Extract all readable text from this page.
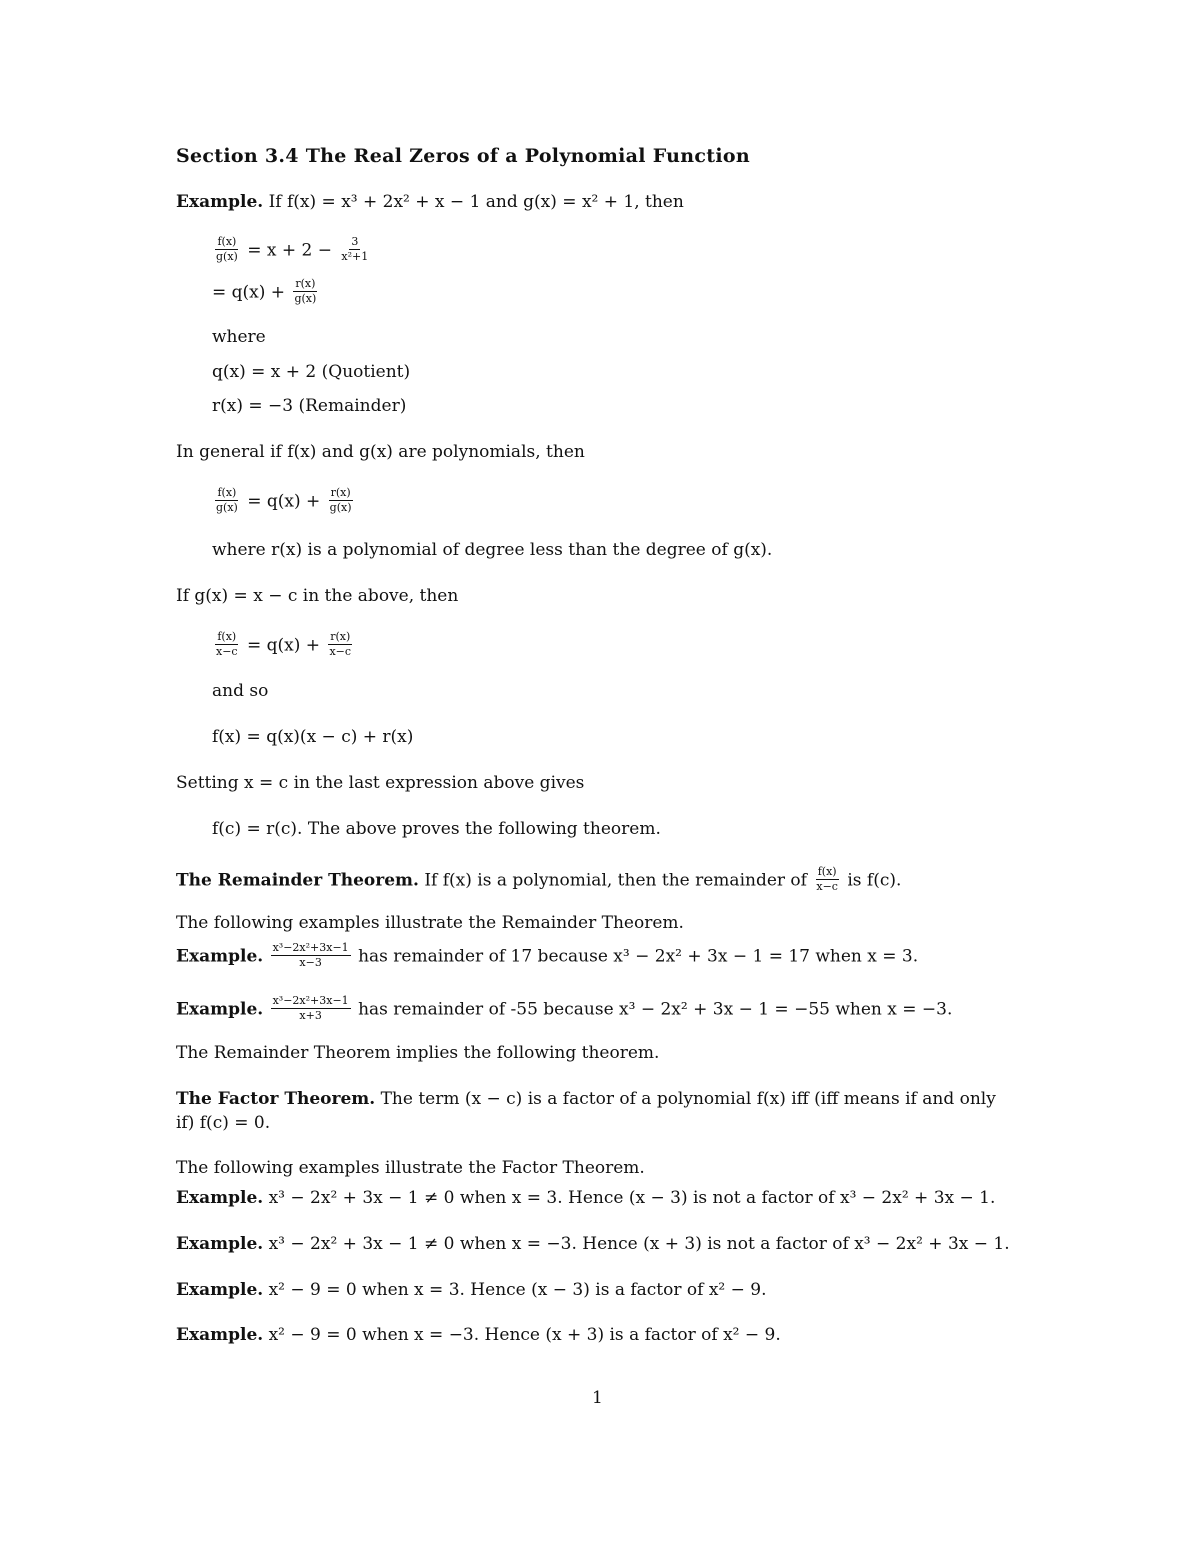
Section 3.4 The Real Zeros of a Polynomial Function
Example. If f(x) = x³ + 2x² + x − 1 and g(x) = x² + 1, then
$\frac{f(x)}{g(x)} = x + 2 - \frac{3}{\text{x²+1}}$
= $q(x) + \frac{r(x)}{g(x)}$
where
q(x) = x + 2 (Quotient)
r(x) = −3 (Remainder)
In general if f(x) and g(x) are polynomials, then
$\frac{f(x)}{g(x)} = q(x) + \frac{r(x)}{g(x)}$
where r(x) is a polynomial of degree less than the degree of g(x).
If g(x) = x − c in the above, then
$\frac{f(x)}{x-c} = q(x) + \frac{r(x)}{x-c}$
and so
f(x) = q(x)(x − c) + r(x)
Setting x = c in the last expression above gives
f(c) = r(c). The above proves the following theorem.
The Remainder Theorem. If f(x) is a polynomial, then the remainder of $\frac{f(x)}{x-c}$ is f(c).
The following examples illustrate the Remainder Theorem.
Example. $\frac{\text{x³−2x²+3x−1}}{x-3}$ has remainder of 17 because x³ − 2x² + 3x − 1 = 17 when x = 3.
Example. $\frac{\text{x³−2x²+3x−1}}{x+3}$ has remainder of -55 because x³ − 2x² + 3x − 1 = −55 when x = −3.
The Remainder Theorem implies the following theorem.
The Factor Theorem. The term (x − c) is a factor of a polynomial f(x) iff (iff means if and only
if) f(c) = 0.
The following examples illustrate the Factor Theorem.
Example. x³ − 2x² + 3x − 1 ≠ 0 when x = 3. Hence (x − 3) is not a factor of x³ − 2x² + 3x − 1.
Example. x³ − 2x² + 3x − 1 ≠ 0 when x = −3. Hence (x + 3) is not a factor of x³ − 2x² + 3x − 1.
Example. x² − 9 = 0 when x = 3. Hence (x − 3) is a factor of x² − 9.
Example. x² − 9 = 0 when x = −3. Hence (x + 3) is a factor of x² − 9.
1
